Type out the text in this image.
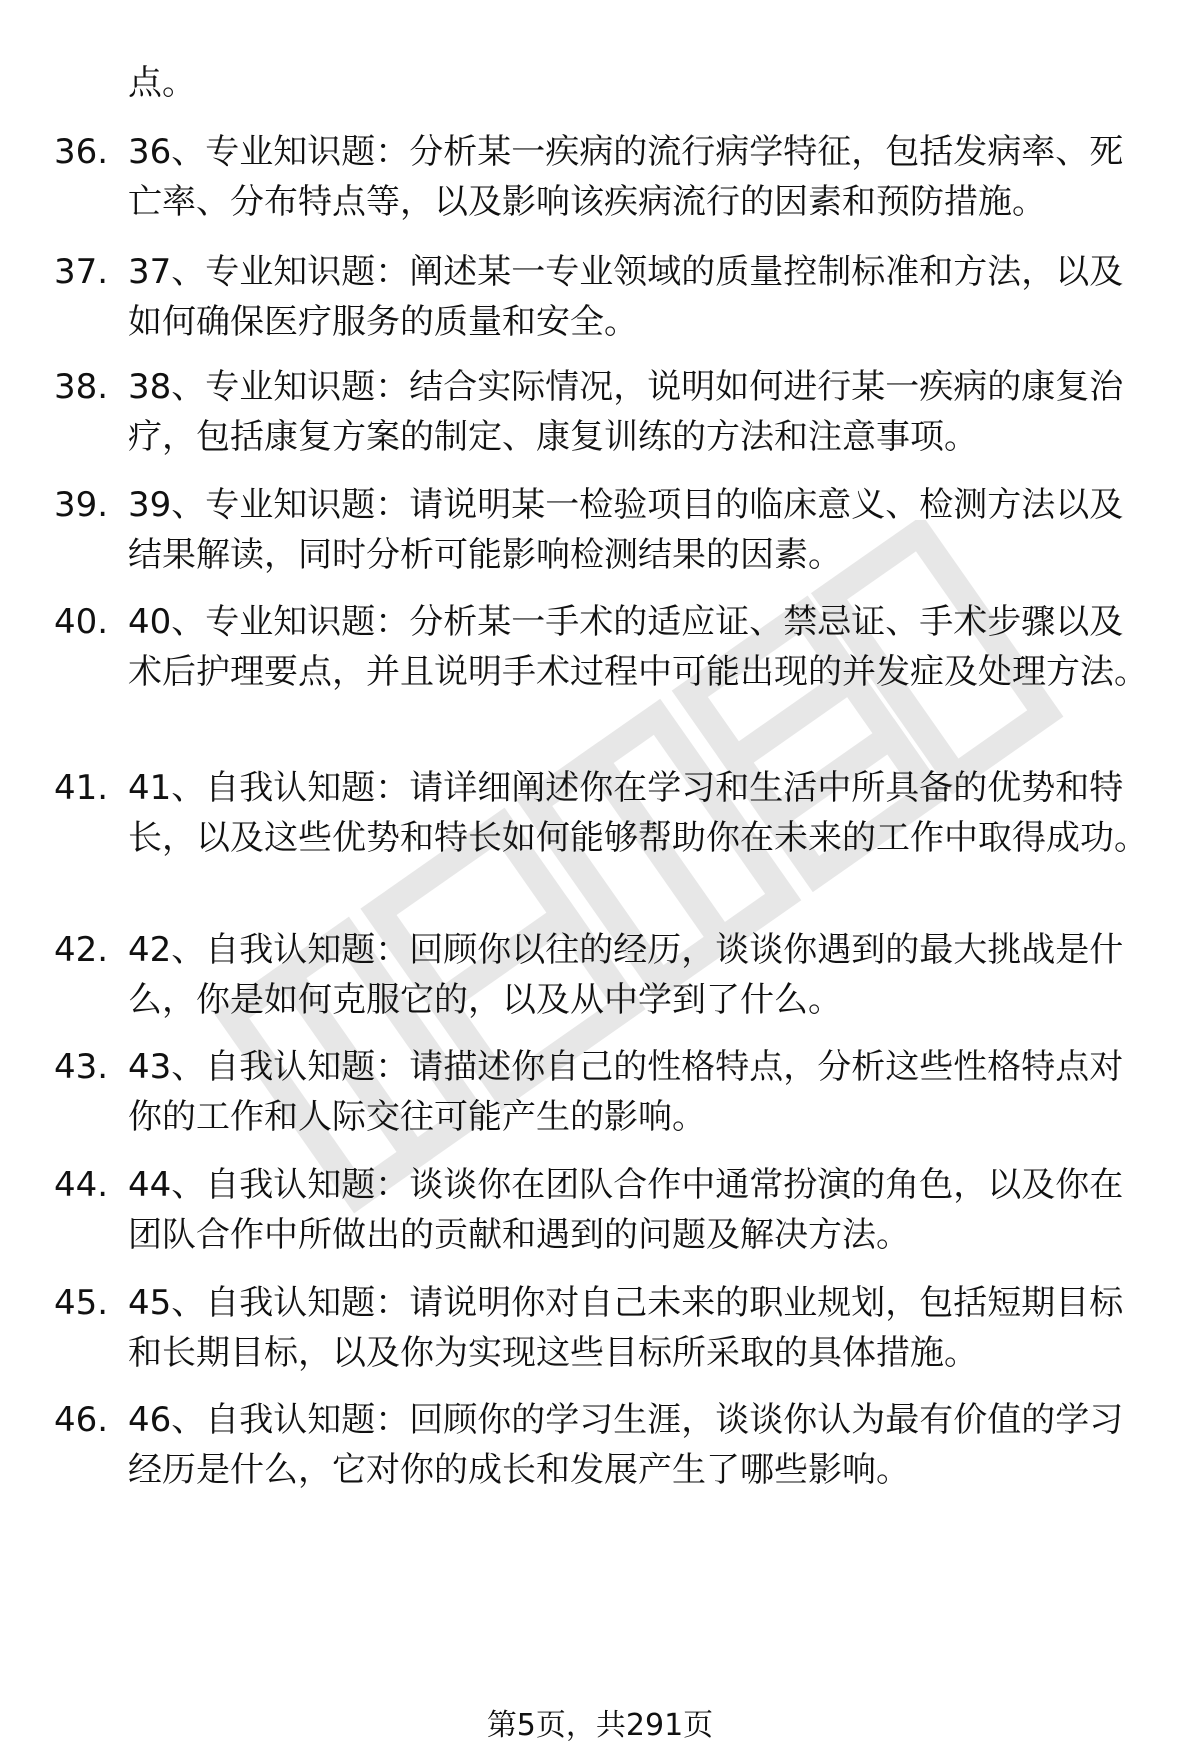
点。

36. 36、专业知识题：分析某一疾病的流行病学特征，包括发病率、死亡率、分布特点等，以及影响该疾病流行的因素和预防措施。

37. 37、专业知识题：阐述某一专业领域的质量控制标准和方法，以及如何确保医疗服务的质量和安全。

38. 38、专业知识题：结合实际情况，说明如何进行某一疾病的康复治疗，包括康复方案的制定、康复训练的方法和注意事项。

39. 39、专业知识题：请说明某一检验项目的临床意义、检测方法以及结果解读，同时分析可能影响检测结果的因素。

40. 40、专业知识题：分析某一手术的适应证、禁忌证、手术步骤以及术后护理要点，并且说明手术过程中可能出现的并发症及处理方法。

41. 41、自我认知题：请详细阐述你在学习和生活中所具备的优势和特长，以及这些优势和特长如何能够帮助你在未来的工作中取得成功。

42. 42、自我认知题：回顾你以往的经历，谈谈你遇到的最大挑战是什么，你是如何克服它的，以及从中学到了什么。

43. 43、自我认知题：请描述你自己的性格特点，分析这些性格特点对你的工作和人际交往可能产生的影响。

44. 44、自我认知题：谈谈你在团队合作中通常扮演的角色，以及你在团队合作中所做出的贡献和遇到的问题及解决方法。

45. 45、自我认知题：请说明你对自己未来的职业规划，包括短期目标和长期目标，以及你为实现这些目标所采取的具体措施。

46. 46、自我认知题：回顾你的学习生涯，谈谈你认为最有价值的学习经历是什么，它对你的成长和发展产生了哪些影响。

第5页，共291页
